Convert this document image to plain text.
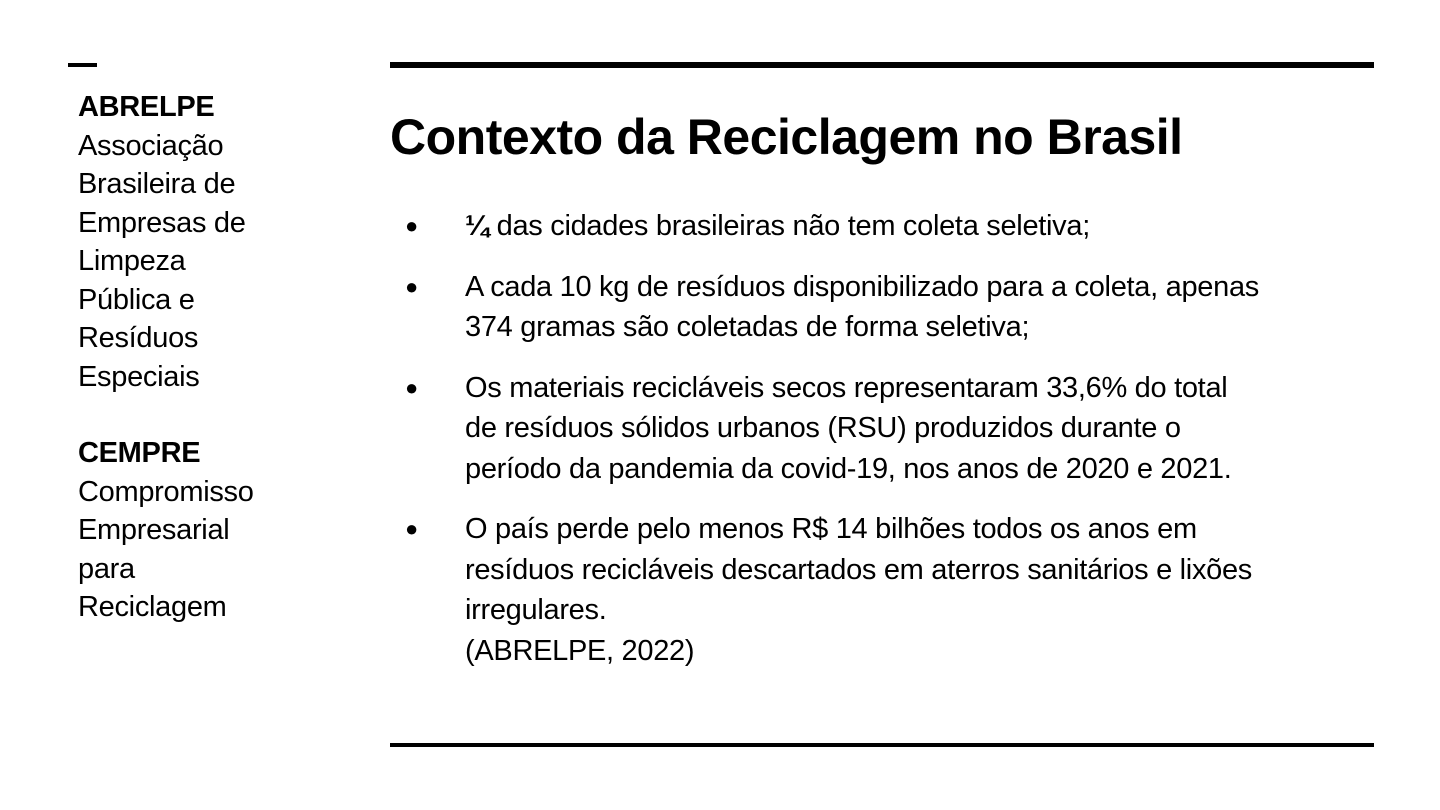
ABRELPE
Associação
Brasileira de
Empresas de
Limpeza
Pública e
Resíduos
Especiais
CEMPRE
Compromisso
Empresarial
para
Reciclagem
Contexto da Reciclagem no Brasil
● ¼ das cidades brasileiras não tem coleta seletiva;
● A cada 10 kg de resíduos disponibilizado para a coleta, apenas
374 gramas são coletadas de forma seletiva;
● Os materiais recicláveis secos representaram 33,6% do total
de resíduos sólidos urbanos (RSU) produzidos durante o
período da pandemia da covid-19, nos anos de 2020 e 2021.
● O país perde pelo menos R$ 14 bilhões todos os anos em
resíduos recicláveis descartados em aterros sanitários e lixões
irregulares.
(ABRELPE, 2022)
